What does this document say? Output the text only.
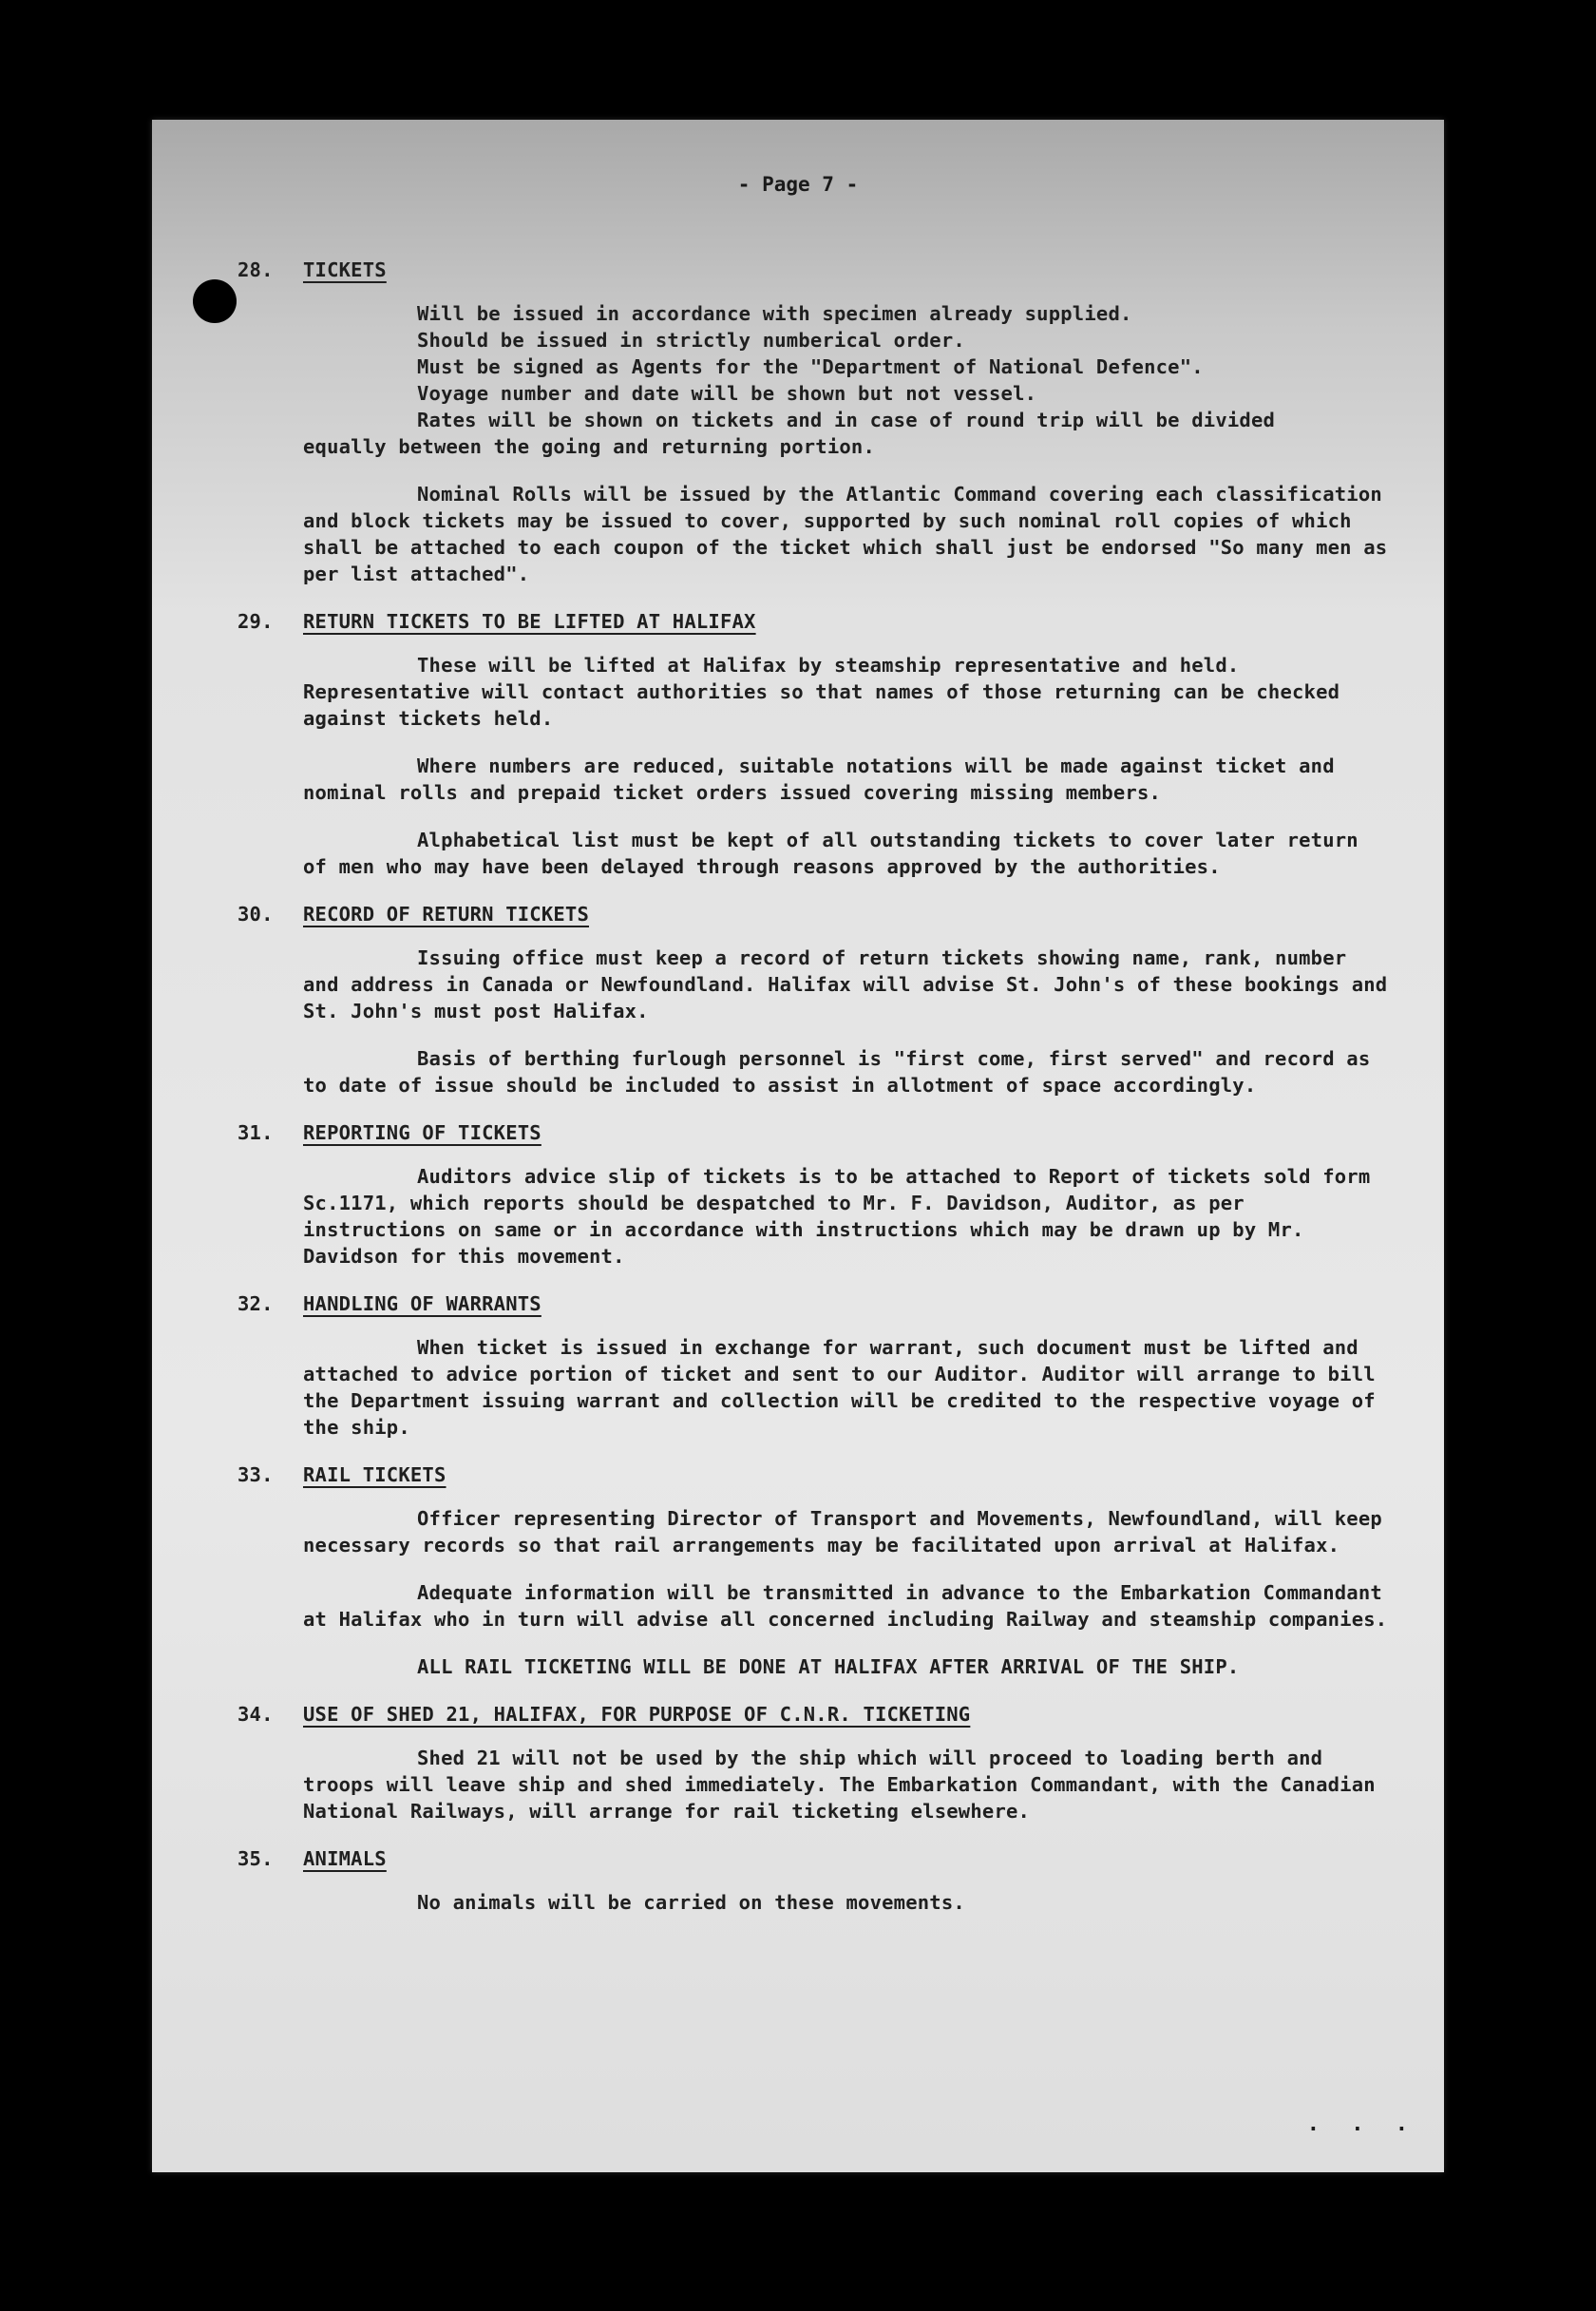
- Page 7 -
28. TICKETS
Will be issued in accordance with specimen already supplied.
Should be issued in strictly numberical order.
Must be signed as Agents for the "Department of National Defence".
Voyage number and date will be shown but not vessel.
Rates will be shown on tickets and in case of round trip will be divided
equally between the going and returning portion.
Nominal Rolls will be issued by the Atlantic Command covering each classification and block tickets may be issued to cover, supported by such nominal roll copies of which shall be attached to each coupon of the ticket which shall just be endorsed "So many men as per list attached".
29. RETURN TICKETS TO BE LIFTED AT HALIFAX
These will be lifted at Halifax by steamship representative and held. Representative will contact authorities so that names of those returning can be checked against tickets held.
Where numbers are reduced, suitable notations will be made against ticket and nominal rolls and prepaid ticket orders issued covering missing members.
Alphabetical list must be kept of all outstanding tickets to cover later return of men who may have been delayed through reasons approved by the authorities.
30. RECORD OF RETURN TICKETS
Issuing office must keep a record of return tickets showing name, rank, number and address in Canada or Newfoundland. Halifax will advise St. John's of these bookings and St. John's must post Halifax.
Basis of berthing furlough personnel is "first come, first served" and record as to date of issue should be included to assist in allotment of space accordingly.
31. REPORTING OF TICKETS
Auditors advice slip of tickets is to be attached to Report of tickets sold form Sc.1171, which reports should be despatched to Mr. F. Davidson, Auditor, as per instructions on same or in accordance with instructions which may be drawn up by Mr. Davidson for this movement.
32. HANDLING OF WARRANTS
When ticket is issued in exchange for warrant, such document must be lifted and attached to advice portion of ticket and sent to our Auditor. Auditor will arrange to bill the Department issuing warrant and collection will be credited to the respective voyage of the ship.
33. RAIL TICKETS
Officer representing Director of Transport and Movements, Newfoundland, will keep necessary records so that rail arrangements may be facilitated upon arrival at Halifax.
Adequate information will be transmitted in advance to the Embarkation Commandant at Halifax who in turn will advise all concerned including Railway and steamship companies.
ALL RAIL TICKETING WILL BE DONE AT HALIFAX AFTER ARRIVAL OF THE SHIP.
34. USE OF SHED 21, HALIFAX, FOR PURPOSE OF C.N.R. TICKETING
Shed 21 will not be used by the ship which will proceed to loading berth and troops will leave ship and shed immediately. The Embarkation Commandant, with the Canadian National Railways, will arrange for rail ticketing elsewhere.
35. ANIMALS
No animals will be carried on these movements.
. . .
